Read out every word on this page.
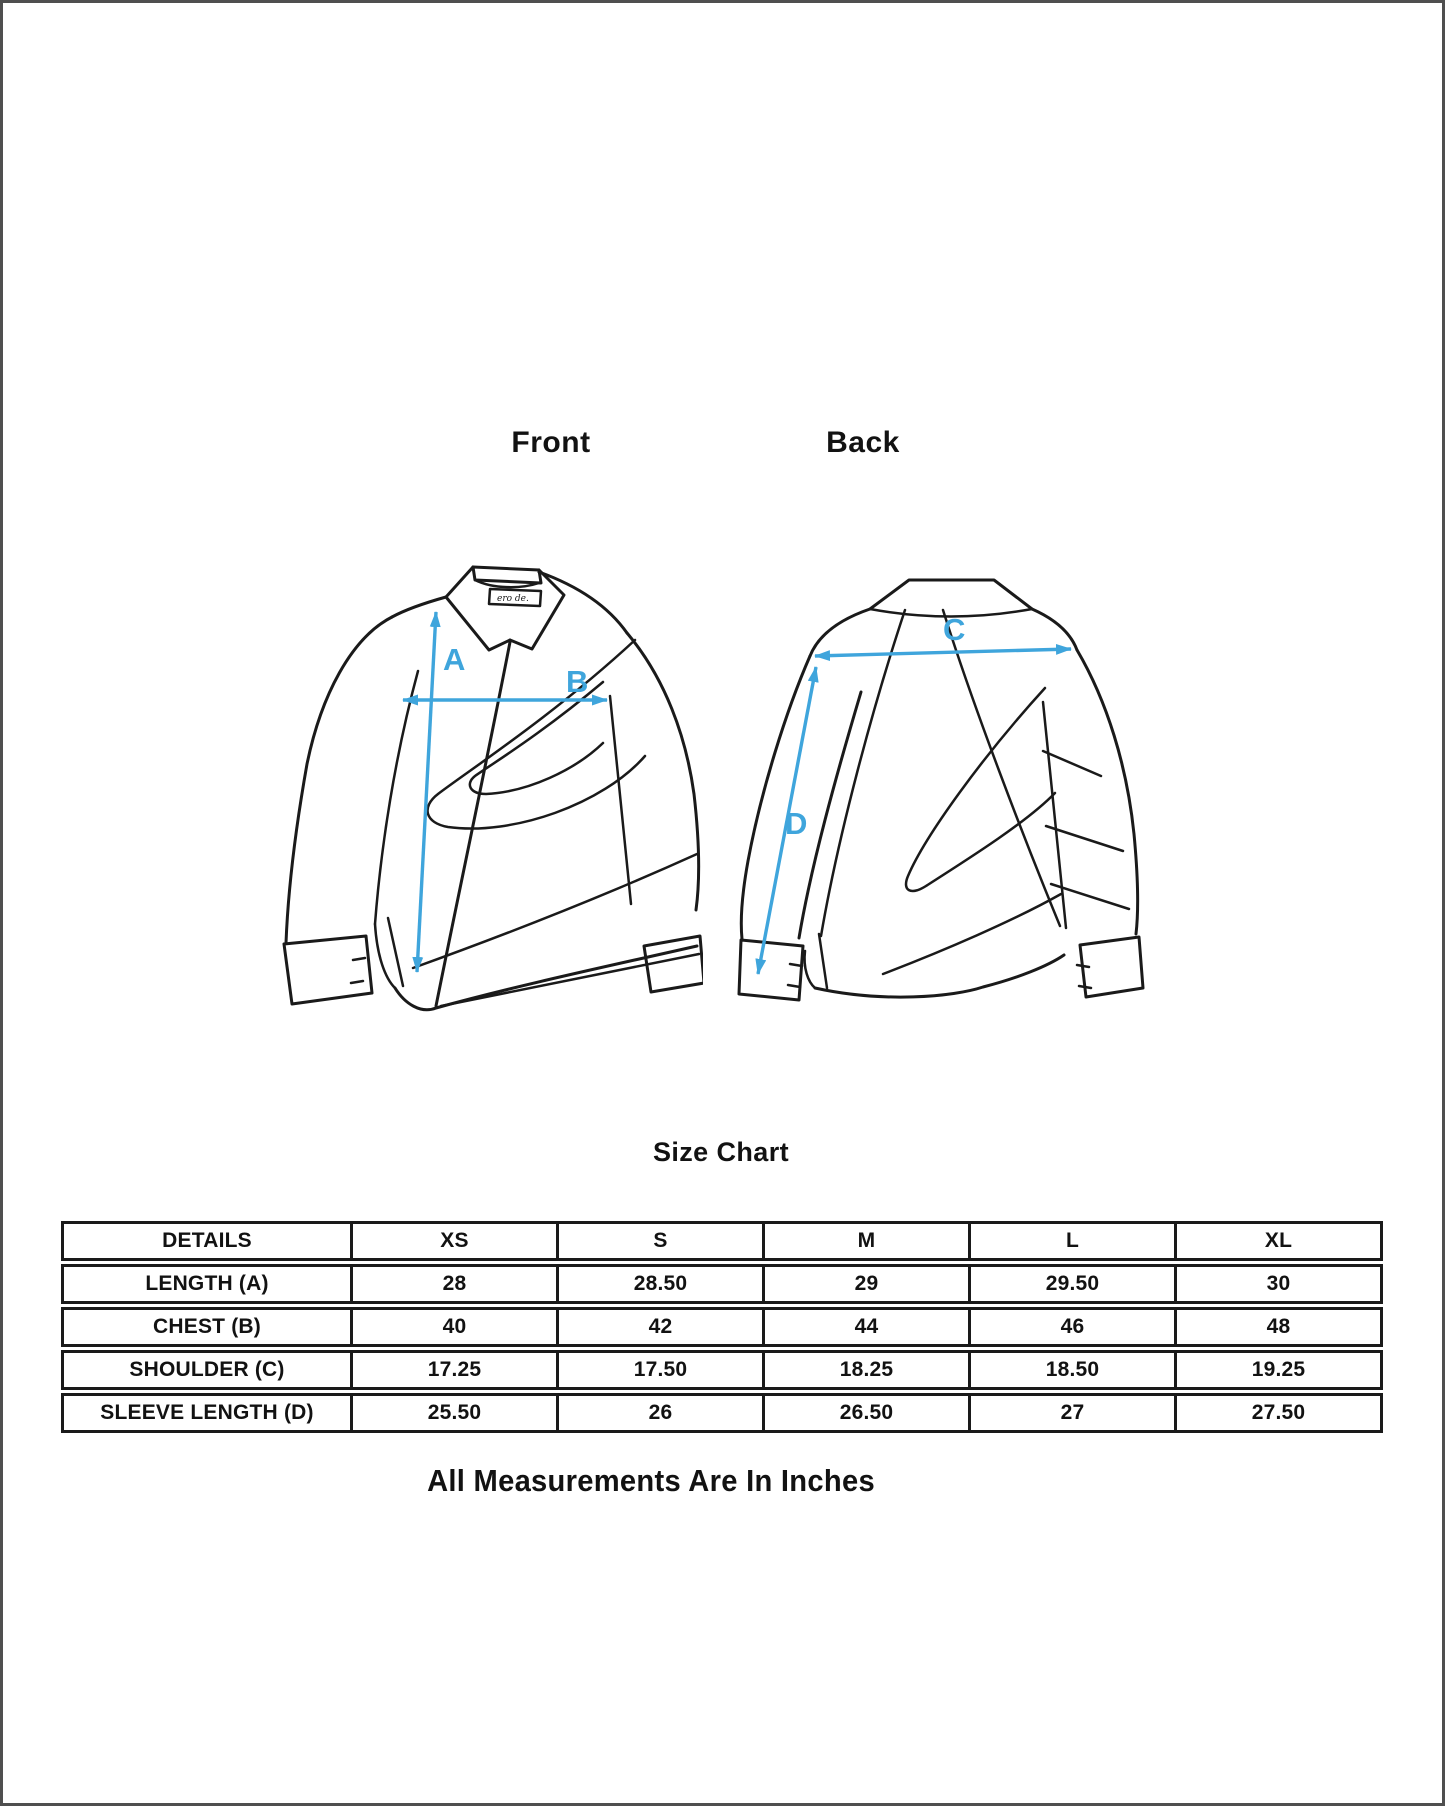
Front	Back
ero de.
A
B
C
D
Size Chart
DETAILS	XS	S	M	L	XL
LENGTH (A)	28	28.50	29	29.50	30
CHEST (B)	40	42	44	46	48
SHOULDER (C)	17.25	17.50	18.25	18.50	19.25
SLEEVE LENGTH (D)	25.50	26	26.50	27	27.50
All Measurements Are In Inches
